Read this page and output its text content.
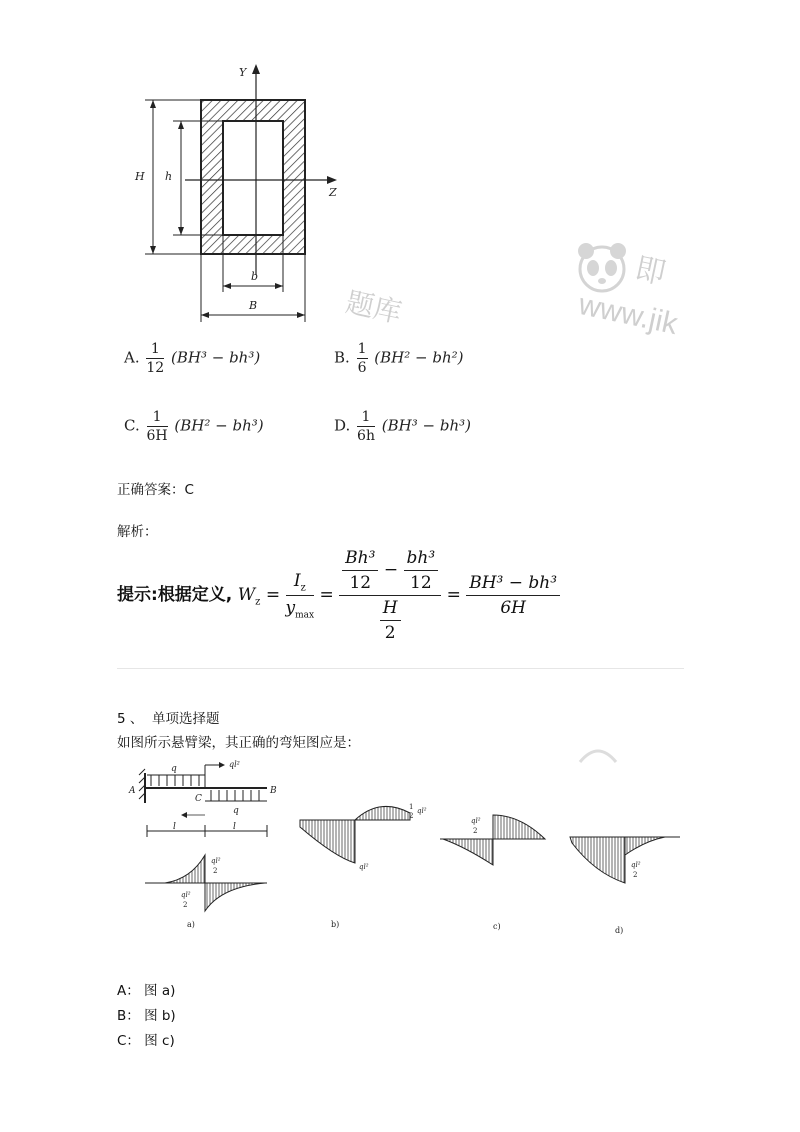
Y
Z
H h
b
B	题库
即
www.jik
A. $\frac{1}{12} (BH^3 - bh^3)$	B. $\frac{1}{6} (BH^2 - bh^2)$
C. $\frac{1}{6H} (BH^2 - bh^3)$	D. $\frac{1}{6h} (BH^3 - bh^3)$
正确答案：C
解析：
提示:根据定义, $W_z = \frac{I_z}{y_{max}} = \frac{\frac{\text{Bh³}}{12} - \frac{\text{bh³}}{12}}{\frac{H}{2}} = \frac{\text{BH³ − bh³}}{6H}$
5 、 单项选择题
如图所示悬臂梁，其正确的弯矩图应是：
A
q	ql²
C
B
q
l	l
ql²
2
ql²
2
1
2
ql²
ql²
ql²
2
ql²
2
a)	b)	c)	d)
A： 图 a)
B： 图 b)
C： 图 c)
